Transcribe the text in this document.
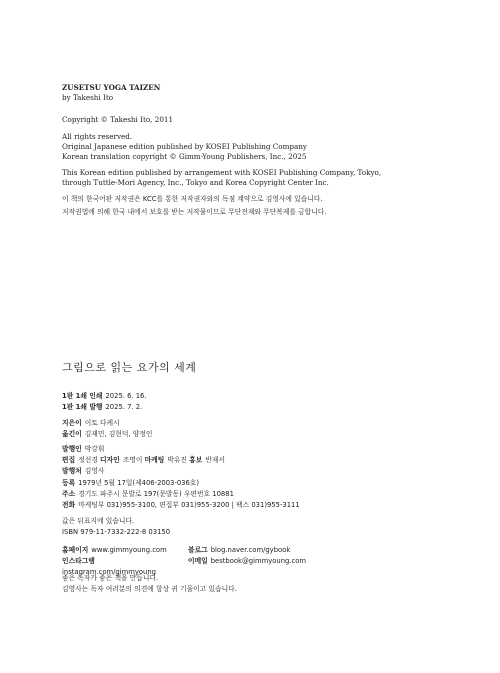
ZUSETSU YOGA TAIZEN
by Takeshi Ito
Copyright © Takeshi Ito, 2011
All rights reserved.
Original Japanese edition published by KOSEI Publishing Company
Korean translation copyright © Gimm-Young Publishers, Inc., 2025
This Korean edition published by arrangement with KOSEI Publishing Company, Tokyo,
through Tuttle-Mori Agency, Inc., Tokyo and Korea Copyright Center Inc.
이 책의 한국어판 저작권은 KCC를 통한 저작권자와의 독점 계약으로 김영사에 있습니다.
저작권법에 의해 한국 내에서 보호를 받는 저작물이므로 무단전재와 무단복제를 금합니다.
그림으로 읽는 요가의 세계
1판 1쇄 인쇄 2025. 6. 16.
1판 1쇄 발행 2025. 7. 2.
지은이 이토 다케시
옮긴이 김재민, 김현덕, 양정인
발행인 박강휘
편집 정선경 디자인 조명이 마케팅 박유진 홍보 반재서
발행처 김영사
등록 1979년 5월 17일(제406-2003-036호)
주소 경기도 파주시 문발로 197(문발동) 우편번호 10881
전화 마케팅부 031)955-3100, 편집부 031)955-3200 | 팩스 031)955-3111
값은 뒤표지에 있습니다.
ISBN 979-11-7332-222-8 03150
홈페이지 www.gimmyoung.com	블로그 blog.naver.com/gybook
인스타그램instagram.com/gimmyoung
이메일 bestbook@gimmyoung.com
좋은 독자가 좋은 책을 만듭니다.
김영사는 독자 여러분의 의견에 항상 귀 기울이고 있습니다.
